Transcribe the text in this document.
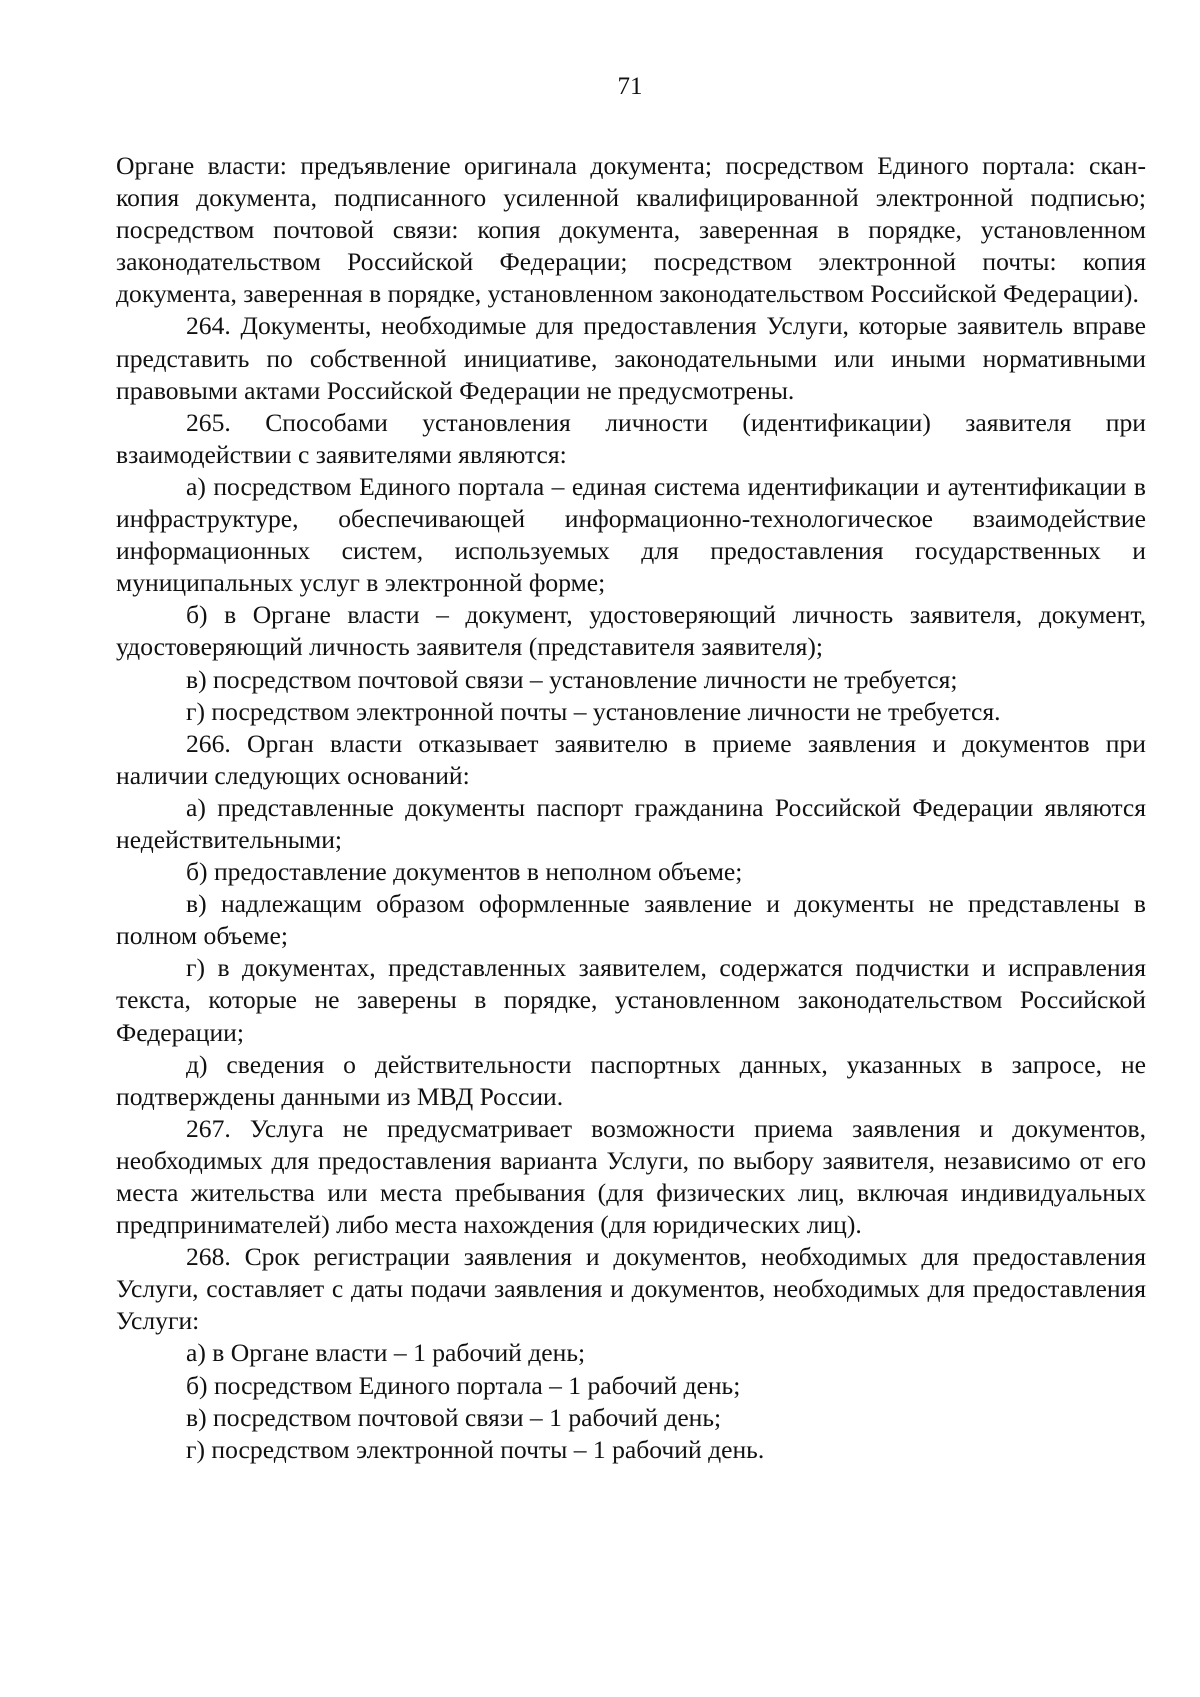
71

Органе власти: предъявление оригинала документа; посредством Единого портала: скан-копия документа, подписанного усиленной квалифицированной электронной подписью; посредством почтовой связи: копия документа, заверенная в порядке, установленном законодательством Российской Федерации; посредством электронной почты: копия документа, заверенная в порядке, установленном законодательством Российской Федерации).

264. Документы, необходимые для предоставления Услуги, которые заявитель вправе представить по собственной инициативе, законодательными или иными нормативными правовыми актами Российской Федерации не предусмотрены.

265. Способами установления личности (идентификации) заявителя при взаимодействии с заявителями являются:

а) посредством Единого портала – единая система идентификации и аутентификации в инфраструктуре, обеспечивающей информационно-технологическое взаимодействие информационных систем, используемых для предоставления государственных и муниципальных услуг в электронной форме;

б) в Органе власти – документ, удостоверяющий личность заявителя, документ, удостоверяющий личность заявителя (представителя заявителя);

в) посредством почтовой связи – установление личности не требуется;

г) посредством электронной почты – установление личности не требуется.

266. Орган власти отказывает заявителю в приеме заявления и документов при наличии следующих оснований:

а) представленные документы паспорт гражданина Российской Федерации являются недействительными;

б) предоставление документов в неполном объеме;

в) надлежащим образом оформленные заявление и документы не представлены в полном объеме;

г) в документах, представленных заявителем, содержатся подчистки и исправления текста, которые не заверены в порядке, установленном законодательством Российской Федерации;

д) сведения о действительности паспортных данных, указанных в запросе, не подтверждены данными из МВД России.

267. Услуга не предусматривает возможности приема заявления и документов, необходимых для предоставления варианта Услуги, по выбору заявителя, независимо от его места жительства или места пребывания (для физических лиц, включая индивидуальных предпринимателей) либо места нахождения (для юридических лиц).

268. Срок регистрации заявления и документов, необходимых для предоставления Услуги, составляет с даты подачи заявления и документов, необходимых для предоставления Услуги:

а) в Органе власти – 1 рабочий день;

б) посредством Единого портала – 1 рабочий день;

в) посредством почтовой связи – 1 рабочий день;

г) посредством электронной почты – 1 рабочий день.
